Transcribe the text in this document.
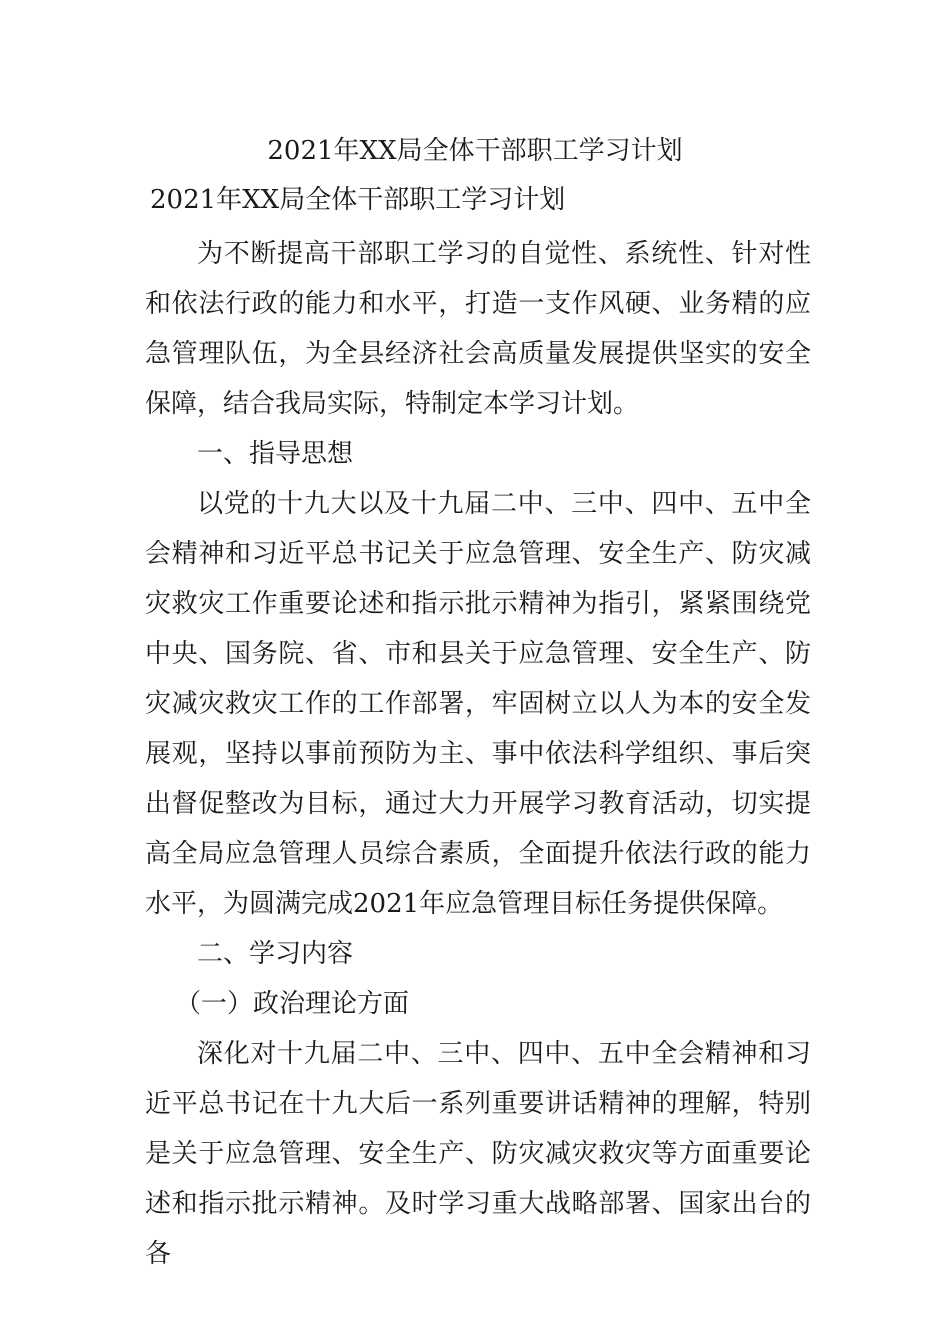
2021年XX局全体干部职工学习计划
2021年XX局全体干部职工学习计划

为不断提高干部职工学习的自觉性、系统性、针对性和依法行政的能力和水平，打造一支作风硬、业务精的应急管理队伍，为全县经济社会高质量发展提供坚实的安全保障，结合我局实际，特制定本学习计划。

一、指导思想

以党的十九大以及十九届二中、三中、四中、五中全会精神和习近平总书记关于应急管理、安全生产、防灾减灾救灾工作重要论述和指示批示精神为指引，紧紧围绕党中央、国务院、省、市和县关于应急管理、安全生产、防灾减灾救灾工作的工作部署，牢固树立以人为本的安全发展观，坚持以事前预防为主、事中依法科学组织、事后突出督促整改为目标，通过大力开展学习教育活动，切实提高全局应急管理人员综合素质，全面提升依法行政的能力水平，为圆满完成2021年应急管理目标任务提供保障。

二、学习内容

（一）政治理论方面

深化对十九届二中、三中、四中、五中全会精神和习近平总书记在十九大后一系列重要讲话精神的理解，特别是关于应急管理、安全生产、防灾减灾救灾等方面重要论述和指示批示精神。及时学习重大战略部署、国家出台的各
